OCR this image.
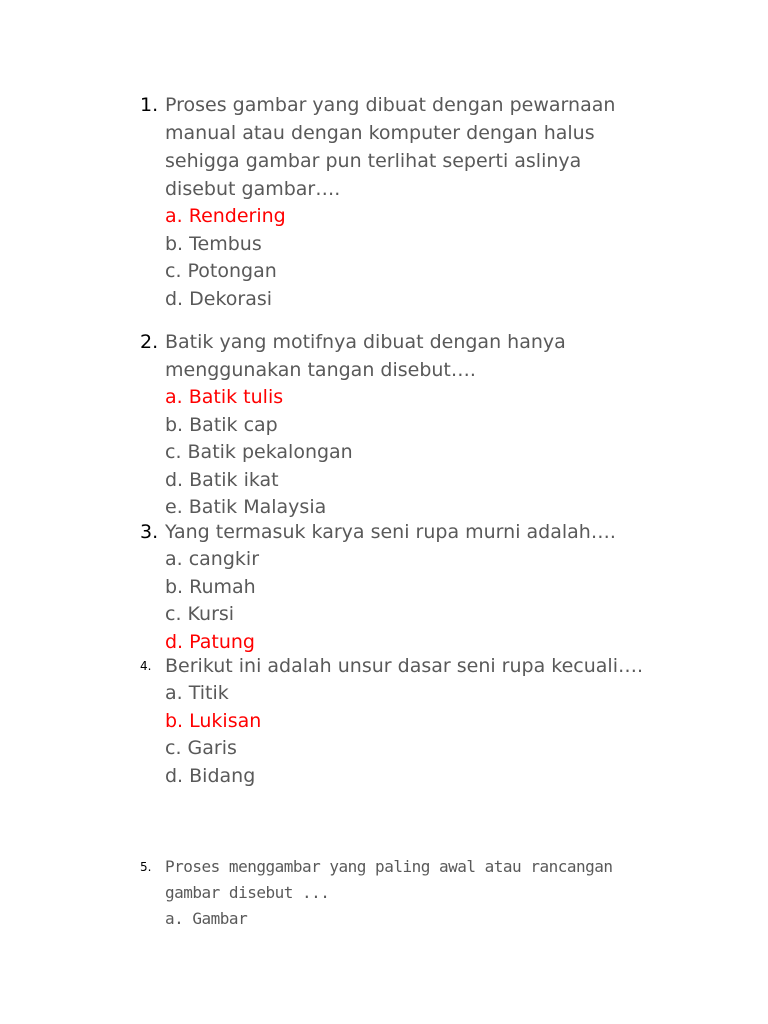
1. Proses gambar yang dibuat dengan pewarnaan
manual atau dengan komputer dengan halus
sehigga gambar pun terlihat seperti aslinya
disebut gambar….
a. Rendering
b. Tembus
c. Potongan
d. Dekorasi
2. Batik yang motifnya dibuat dengan hanya
menggunakan tangan disebut….
a. Batik tulis
b. Batik cap
c. Batik pekalongan
d. Batik ikat
e. Batik Malaysia
3. Yang termasuk karya seni rupa murni adalah….
a. cangkir
b. Rumah
c. Kursi
d. Patung
4. Berikut ini adalah unsur dasar seni rupa kecuali….
a. Titik
b. Lukisan
c. Garis
d. Bidang
5. Proses menggambar yang paling awal atau rancangan
gambar disebut ...
a. Gambar
